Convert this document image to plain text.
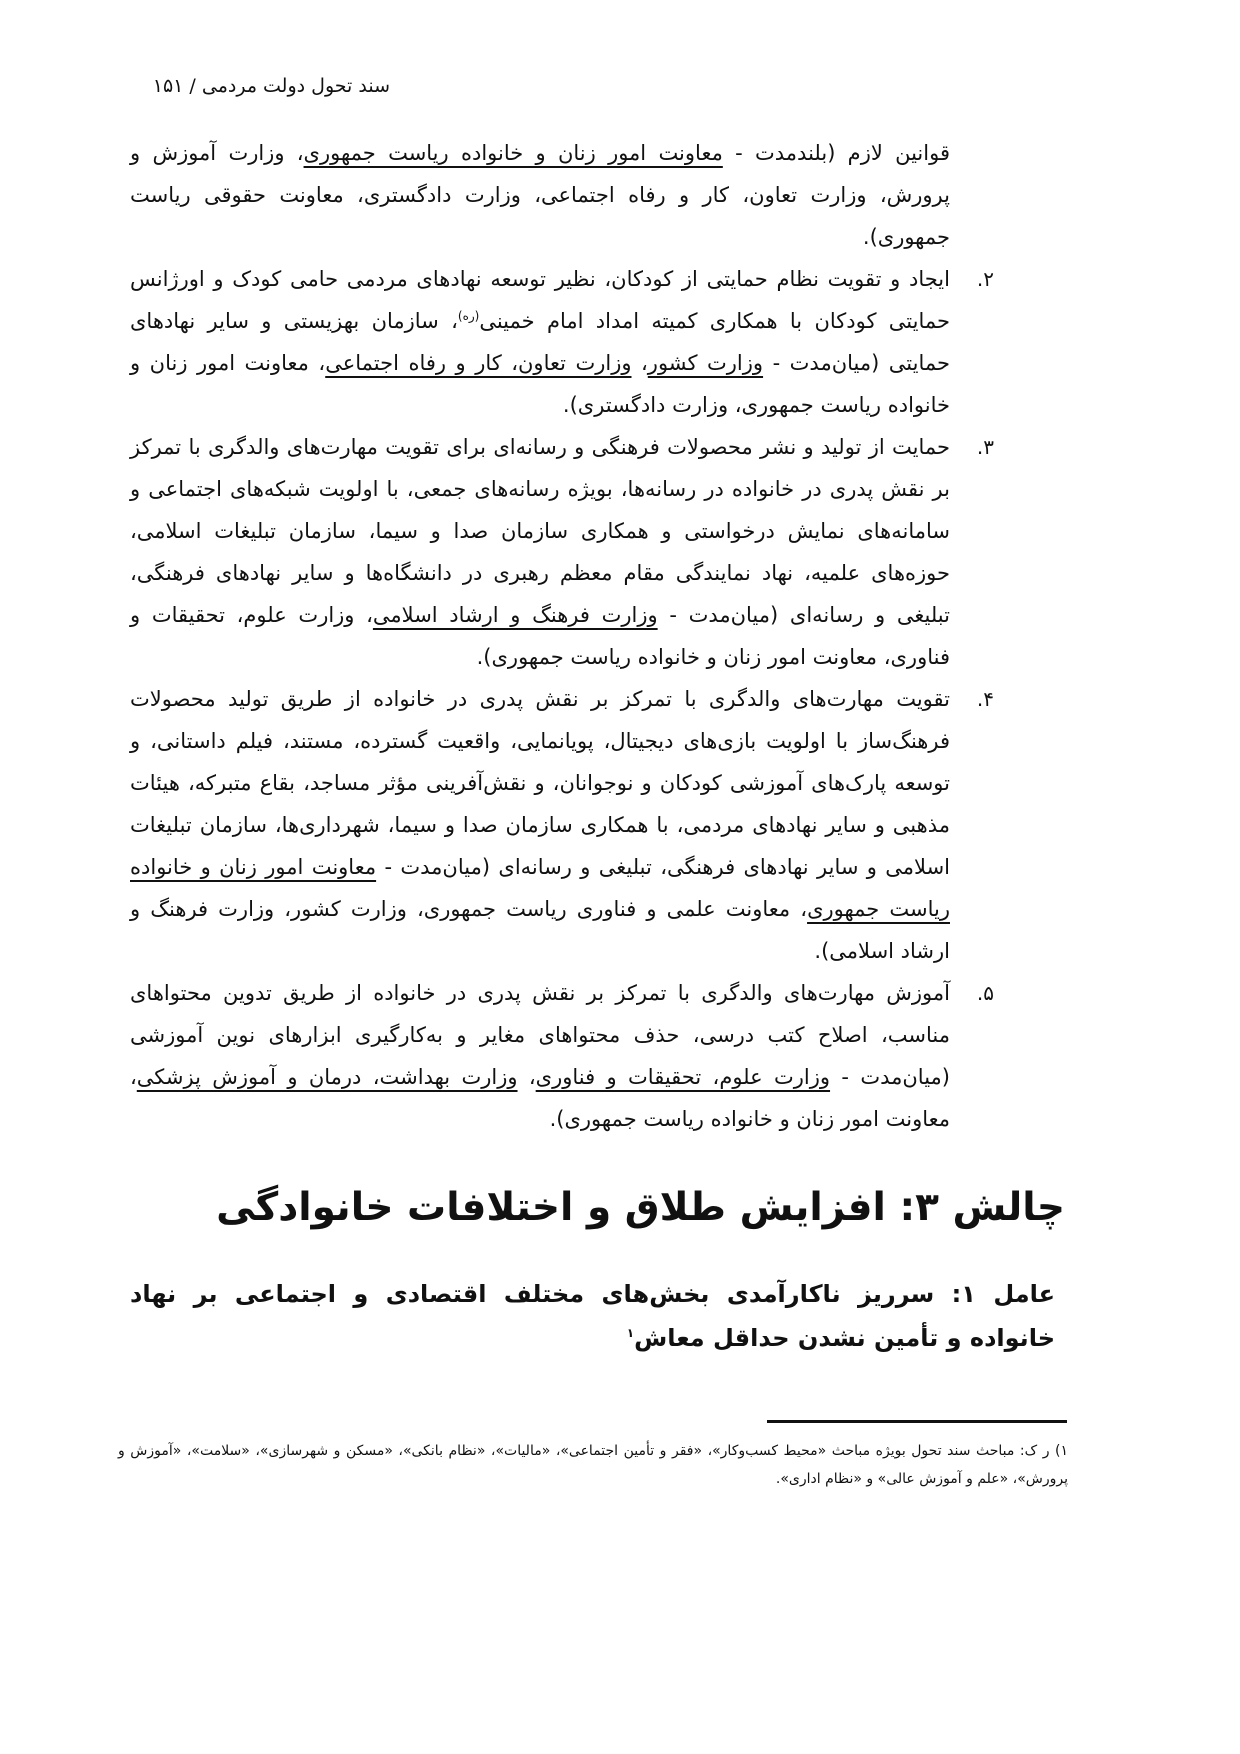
سند تحول دولت مردمی / ۱۵۱

قوانین لازم (بلندمدت - معاونت امور زنان و خانواده ریاست جمهوری، وزارت آموزش و پرورش، وزارت تعاون، کار و رفاه اجتماعی، وزارت دادگستری، معاونت حقوقی ریاست جمهوری).

۲.
ایجاد و تقویت نظام حمایتی از کودکان، نظیر توسعه نهادهای مردمی حامی کودک و اورژانس حمایتی کودکان با همکاری کمیته امداد امام خمینی$^{(ره)}$، سازمان بهزیستی و سایر نهادهای حمایتی (میان‌مدت - وزارت کشور، وزارت تعاون، کار و رفاه اجتماعی، معاونت امور زنان و خانواده ریاست جمهوری، وزارت دادگستری).
۳.
حمایت از تولید و نشر محصولات فرهنگی و رسانه‌ای برای تقویت مهارت‌های والدگری با تمرکز بر نقش پدری در خانواده در رسانه‌ها، بویژه رسانه‌های جمعی، با اولویت شبکه‌های اجتماعی و سامانه‌های نمایش درخواستی و همکاری سازمان صدا و سیما، سازمان تبلیغات اسلامی، حوزه‌های علمیه، نهاد نمایندگی مقام معظم رهبری در دانشگاه‌ها و سایر نهادهای فرهنگی، تبلیغی و رسانه‌ای (میان‌مدت - وزارت فرهنگ و ارشاد اسلامی، وزارت علوم، تحقیقات و فناوری، معاونت امور زنان و خانواده ریاست جمهوری).
۴.
تقویت مهارت‌های والدگری با تمرکز بر نقش پدری در خانواده از طریق تولید محصولات فرهنگ‌ساز با اولویت بازی‌های دیجیتال، پویانمایی، واقعیت گسترده، مستند، فیلم داستانی، و توسعه پارک‌های آموزشی کودکان و نوجوانان، و نقش‌آفرینی مؤثر مساجد، بقاع متبرکه، هیئات مذهبی و سایر نهادهای مردمی، با همکاری سازمان صدا و سیما، شهرداری‌ها، سازمان تبلیغات اسلامی و سایر نهادهای فرهنگی، تبلیغی و رسانه‌ای (میان‌مدت - معاونت امور زنان و خانواده ریاست جمهوری، معاونت علمی و فناوری ریاست جمهوری، وزارت کشور، وزارت فرهنگ و ارشاد اسلامی).
۵.
آموزش مهارت‌های والدگری با تمرکز بر نقش پدری در خانواده از طریق تدوین محتواهای مناسب، اصلاح کتب درسی، حذف محتواهای مغایر و به‌کارگیری ابزارهای نوین آموزشی (میان‌مدت - وزارت علوم، تحقیقات و فناوری، وزارت بهداشت، درمان و آموزش پزشکی، معاونت امور زنان و خانواده ریاست جمهوری).
چالش ۳: افزایش طلاق و اختلافات خانوادگی
عامل ۱: سرریز ناکارآمدی بخش‌های مختلف اقتصادی و اجتماعی بر نهاد خانواده و تأمین نشدن حداقل معاش$^۱$
۱) ر ک: مباحث سند تحول بویژه مباحث «محیط کسب‌وکار»، «فقر و تأمین اجتماعی»، «مالیات»، «نظام بانکی»، «مسکن و شهرسازی»، «سلامت»، «آموزش و پرورش»، «علم و آموزش عالی» و «نظام اداری».
